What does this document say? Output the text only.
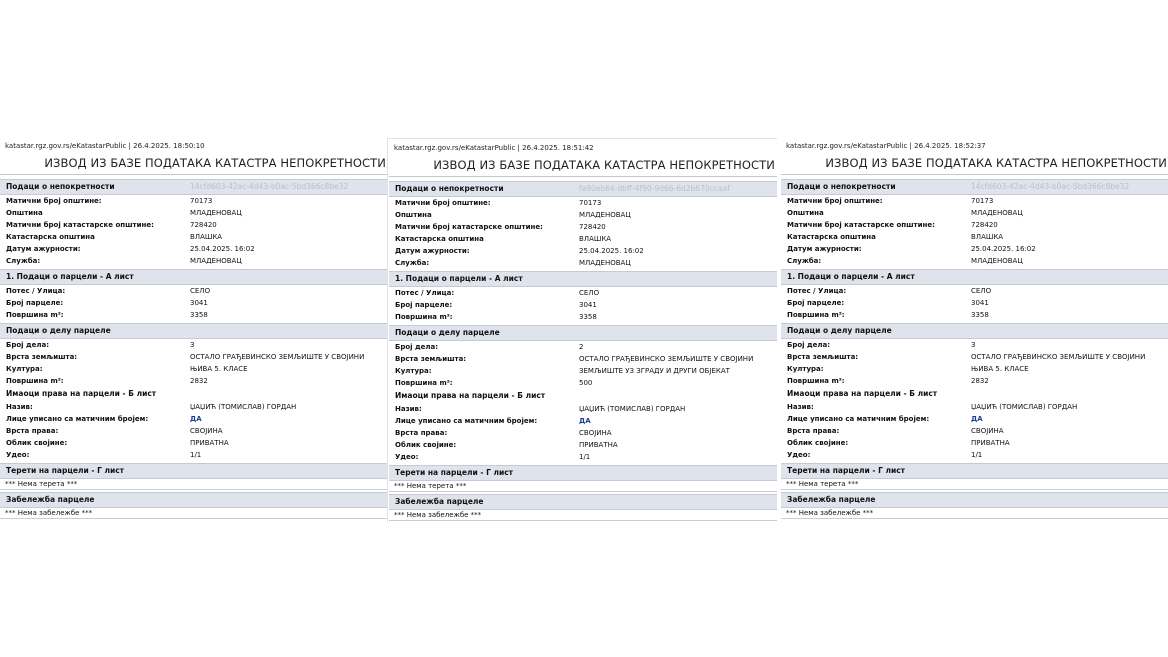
katastar.rgz.gov.rs/eKatastarPublic | 26.4.2025. 18:50:10
ИЗВОД ИЗ БАЗЕ ПОДАТАКА КАТАСТРА НЕПОКРЕТНОСТИ
Подаци о непокретности	14cfd603-42ac-4d43-b0ac-5bd366c8be32
Матични број општине:	70173
Општина	МЛАДЕНОВАЦ
Матични број катастарске општине:	728420
Катастарска општина	ВЛАШКА
Датум ажурности:	25.04.2025. 16:02
Служба:	МЛАДЕНОВАЦ
1. Подаци о парцели - А лист
Потес / Улица:	СЕЛО
Број парцеле:	3041
Површина m²:	3358
Подаци о делу парцеле
Број дела:	3
Врста земљишта:	ОСТАЛО ГРАЂЕВИНСКО ЗЕМЉИШТЕ У СВОЈИНИ
Култура:	ЊИВА 5. КЛАСЕ
Површина m²:	2832
Имаоци права на парцели - Б лист
Назив:	ЏАЏИЋ (ТОМИСЛАВ) ГОРДАН
Лице уписано са матичним бројем:	ДА
Врста права:	СВОЈИНА
Облик својине:	ПРИВАТНА
Удео:	1/1
Терети на парцели - Г лист
*** Нема терета ***
Забележба парцеле
*** Нема забележбе ***
katastar.rgz.gov.rs/eKatastarPublic | 26.4.2025. 18:51:42
ИЗВОД ИЗ БАЗЕ ПОДАТАКА КАТАСТРА НЕПОКРЕТНОСТИ
Подаци о непокретности	fa90eb64-dbff-4f90-9d66-6d2b670ccaaf
Матични број општине:	70173
Општина	МЛАДЕНОВАЦ
Матични број катастарске општине:	728420
Катастарска општина	ВЛАШКА
Датум ажурности:	25.04.2025. 16:02
Служба:	МЛАДЕНОВАЦ
1. Подаци о парцели - А лист
Потес / Улица:	СЕЛО
Број парцеле:	3041
Површина m²:	3358
Подаци о делу парцеле
Број дела:	2
Врста земљишта:	ОСТАЛО ГРАЂЕВИНСКО ЗЕМЉИШТЕ У СВОЈИНИ
Култура:	ЗЕМЉИШТЕ УЗ ЗГРАДУ И ДРУГИ ОБЈЕКАТ
Површина m²:	500
Имаоци права на парцели - Б лист
Назив:	ЏАЏИЋ (ТОМИСЛАВ) ГОРДАН
Лице уписано са матичним бројем:	ДА
Врста права:	СВОЈИНА
Облик својине:	ПРИВАТНА
Удео:	1/1
Терети на парцели - Г лист
*** Нема терета ***
Забележба парцеле
*** Нема забележбе ***
katastar.rgz.gov.rs/eKatastarPublic | 26.4.2025. 18:52:37
ИЗВОД ИЗ БАЗЕ ПОДАТАКА КАТАСТРА НЕПОКРЕТНОСТИ
Подаци о непокретности	14cfd603-42ac-4d43-b0ac-5bd366c8be32
Матични број општине:	70173
Општина	МЛАДЕНОВАЦ
Матични број катастарске општине:	728420
Катастарска општина	ВЛАШКА
Датум ажурности:	25.04.2025. 16:02
Служба:	МЛАДЕНОВАЦ
1. Подаци о парцели - А лист
Потес / Улица:	СЕЛО
Број парцеле:	3041
Површина m²:	3358
Подаци о делу парцеле
Број дела:	3
Врста земљишта:	ОСТАЛО ГРАЂЕВИНСКО ЗЕМЉИШТЕ У СВОЈИНИ
Култура:	ЊИВА 5. КЛАСЕ
Површина m²:	2832
Имаоци права на парцели - Б лист
Назив:	ЏАЏИЋ (ТОМИСЛАВ) ГОРДАН
Лице уписано са матичним бројем:	ДА
Врста права:	СВОЈИНА
Облик својине:	ПРИВАТНА
Удео:	1/1
Терети на парцели - Г лист
*** Нема терета ***
Забележба парцеле
*** Нема забележбе ***
